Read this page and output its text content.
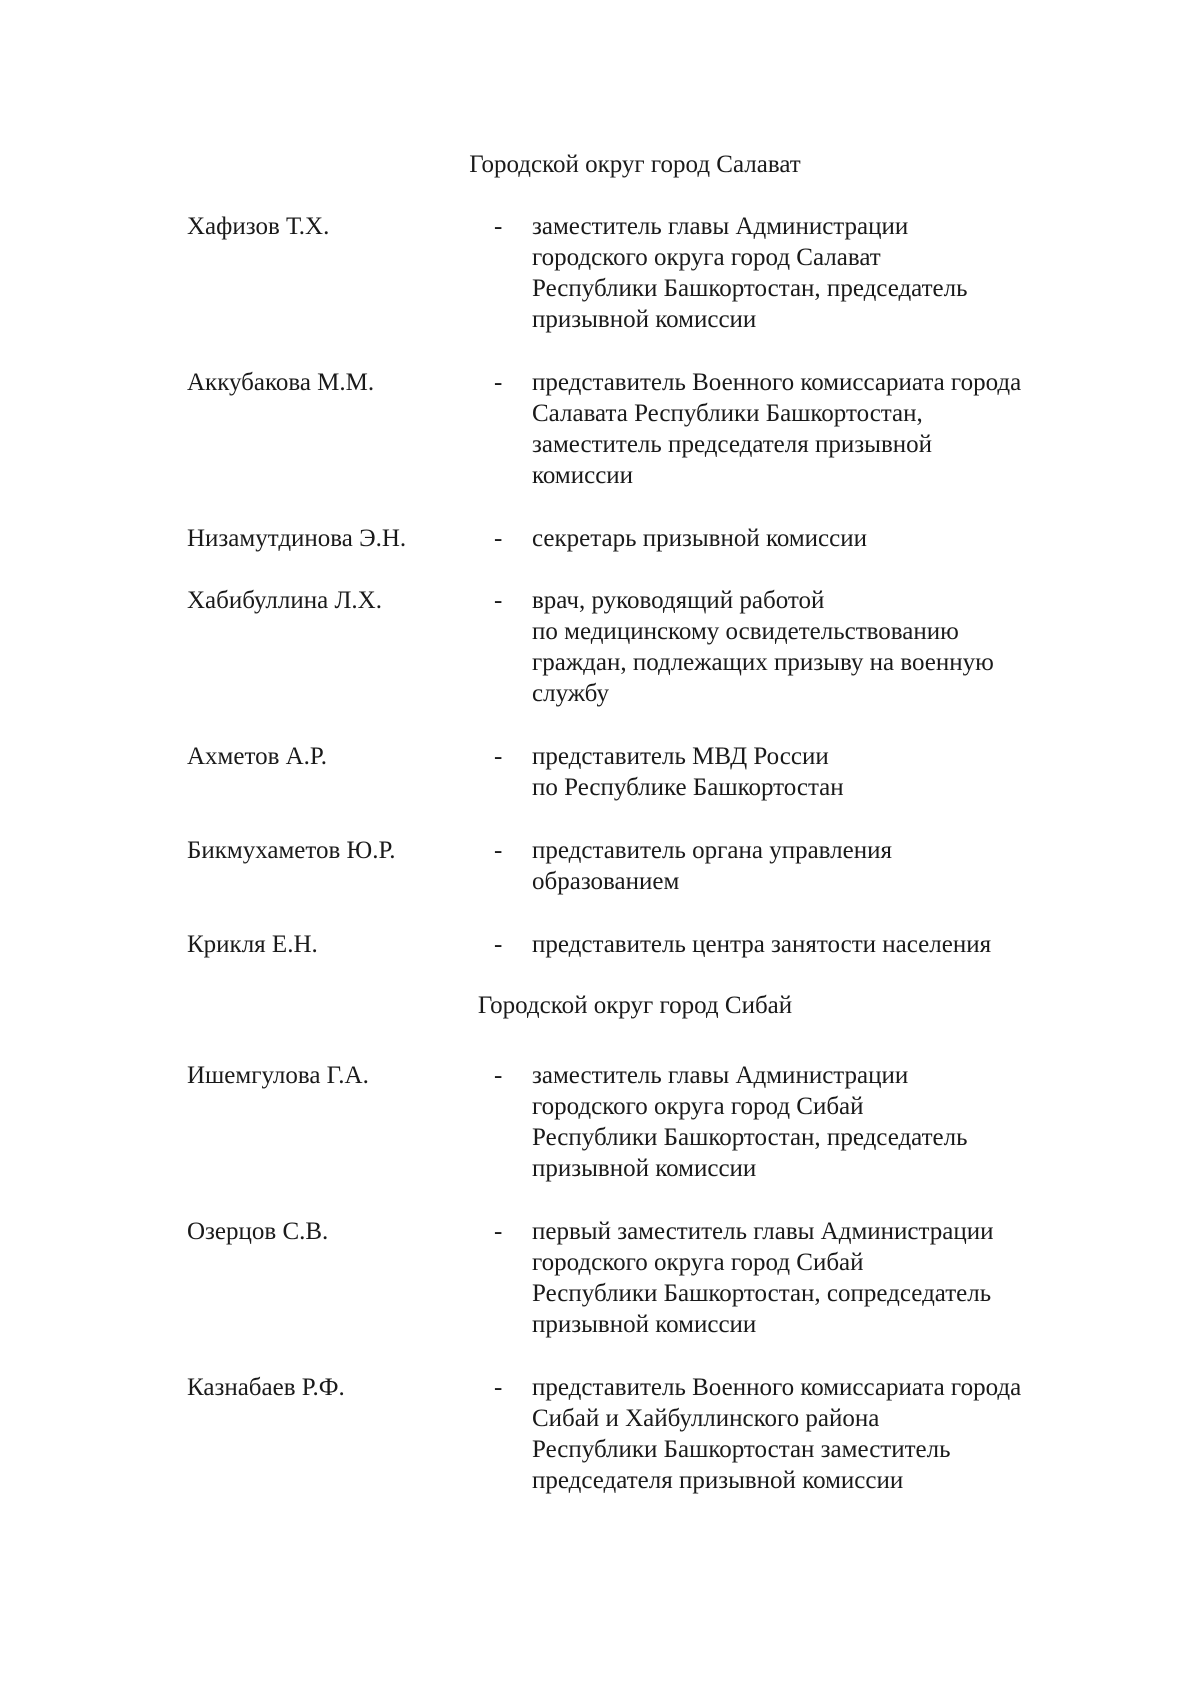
Городской округ город Салават
Хафизов Т.Х.	- заместитель главы Администрации
городского округа город Салават
Республики Башкортостан, председатель
призывной комиссии
Аккубакова М.М.	- представитель Военного комиссариата города
Салавата Республики Башкортостан,
заместитель председателя призывной
комиссии
Низамутдинова Э.Н.	- секретарь призывной комиссии
Хабибуллина Л.Х.	- врач, руководящий работой
по медицинскому освидетельствованию
граждан, подлежащих призыву на военную
службу
Ахметов А.Р.	- представитель МВД России
по Республике Башкортостан
Бикмухаметов Ю.Р.	- представитель органа управления
образованием
Крикля Е.Н.	- представитель центра занятости населения
Городской округ город Сибай
Ишемгулова Г.А.	- заместитель главы Администрации
городского округа город Сибай
Республики Башкортостан, председатель
призывной комиссии
Озерцов С.В.	- первый заместитель главы Администрации
городского округа город Сибай
Республики Башкортостан, сопредседатель
призывной комиссии
Казнабаев Р.Ф.	- представитель Военного комиссариата города
Сибай и Хайбуллинского района
Республики Башкортостан заместитель
председателя призывной комиссии
